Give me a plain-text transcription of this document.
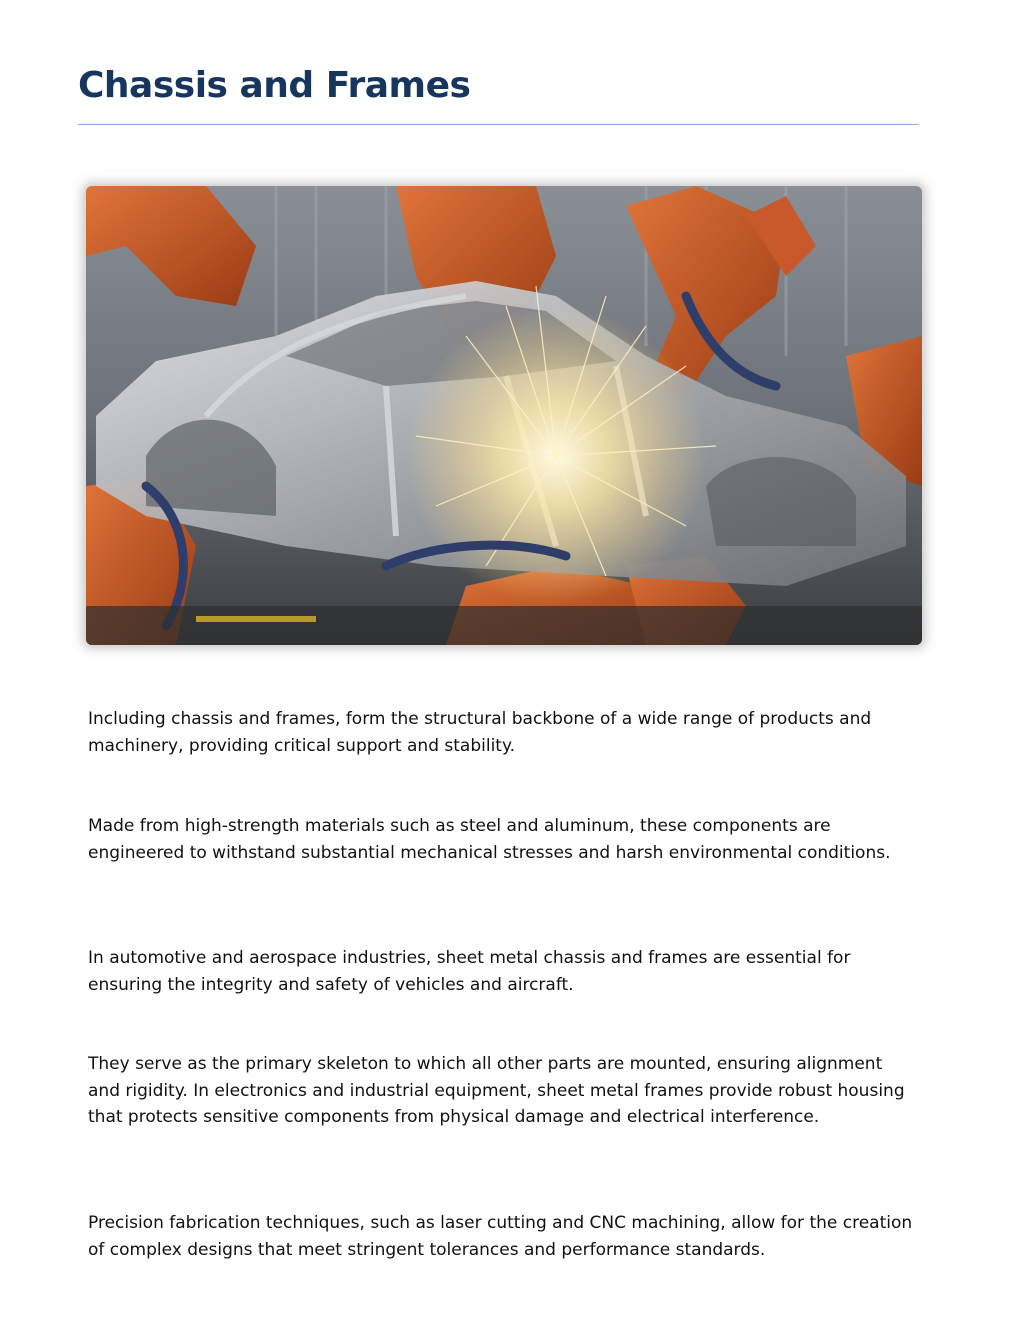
Chassis and Frames

Including chassis and frames, form the structural backbone of a wide range of products and machinery, providing critical support and stability.

Made from high-strength materials such as steel and aluminum, these components are engineered to withstand substantial mechanical stresses and harsh environmental conditions.

In automotive and aerospace industries, sheet metal chassis and frames are essential for ensuring the integrity and safety of vehicles and aircraft.

They serve as the primary skeleton to which all other parts are mounted, ensuring alignment and rigidity. In electronics and industrial equipment, sheet metal frames provide robust housing that protects sensitive components from physical damage and electrical interference.

Precision fabrication techniques, such as laser cutting and CNC machining, allow for the creation of complex designs that meet stringent tolerances and performance standards.
